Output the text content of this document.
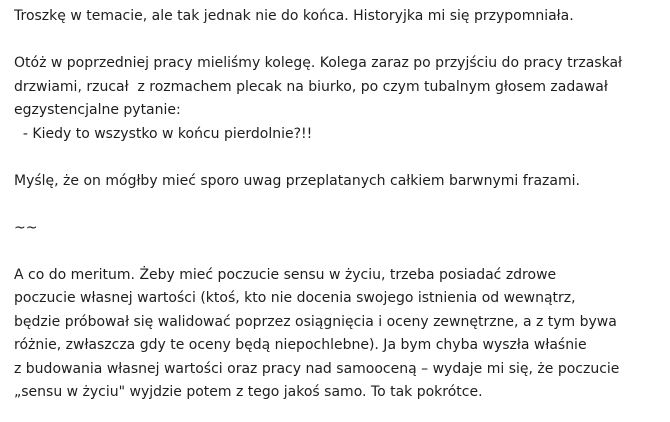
Troszkę w temacie, ale tak jednak nie do końca. Historyjka mi się przypomniała.
Otóż w poprzedniej pracy mieliśmy kolegę. Kolega zaraz po przyjściu do pracy trzaskał
drzwiami, rzucał  z rozmachem plecak na biurko, po czym tubalnym głosem zadawał
egzystencjalne pytanie:
- Kiedy to wszystko w końcu pierdolnie?!!
Myślę, że on mógłby mieć sporo uwag przeplatanych całkiem barwnymi frazami.
~~
A co do meritum. Żeby mieć poczucie sensu w życiu, trzeba posiadać zdrowe
poczucie własnej wartości (ktoś, kto nie docenia swojego istnienia od wewnątrz,
będzie próbował się walidować poprzez osiągnięcia i oceny zewnętrzne, a z tym bywa
różnie, zwłaszcza gdy te oceny będą niepochlebne). Ja bym chyba wyszła właśnie
z budowania własnej wartości oraz pracy nad samooceną – wydaje mi się, że poczucie
„sensu w życiu" wyjdzie potem z tego jakoś samo. To tak pokrótce.
